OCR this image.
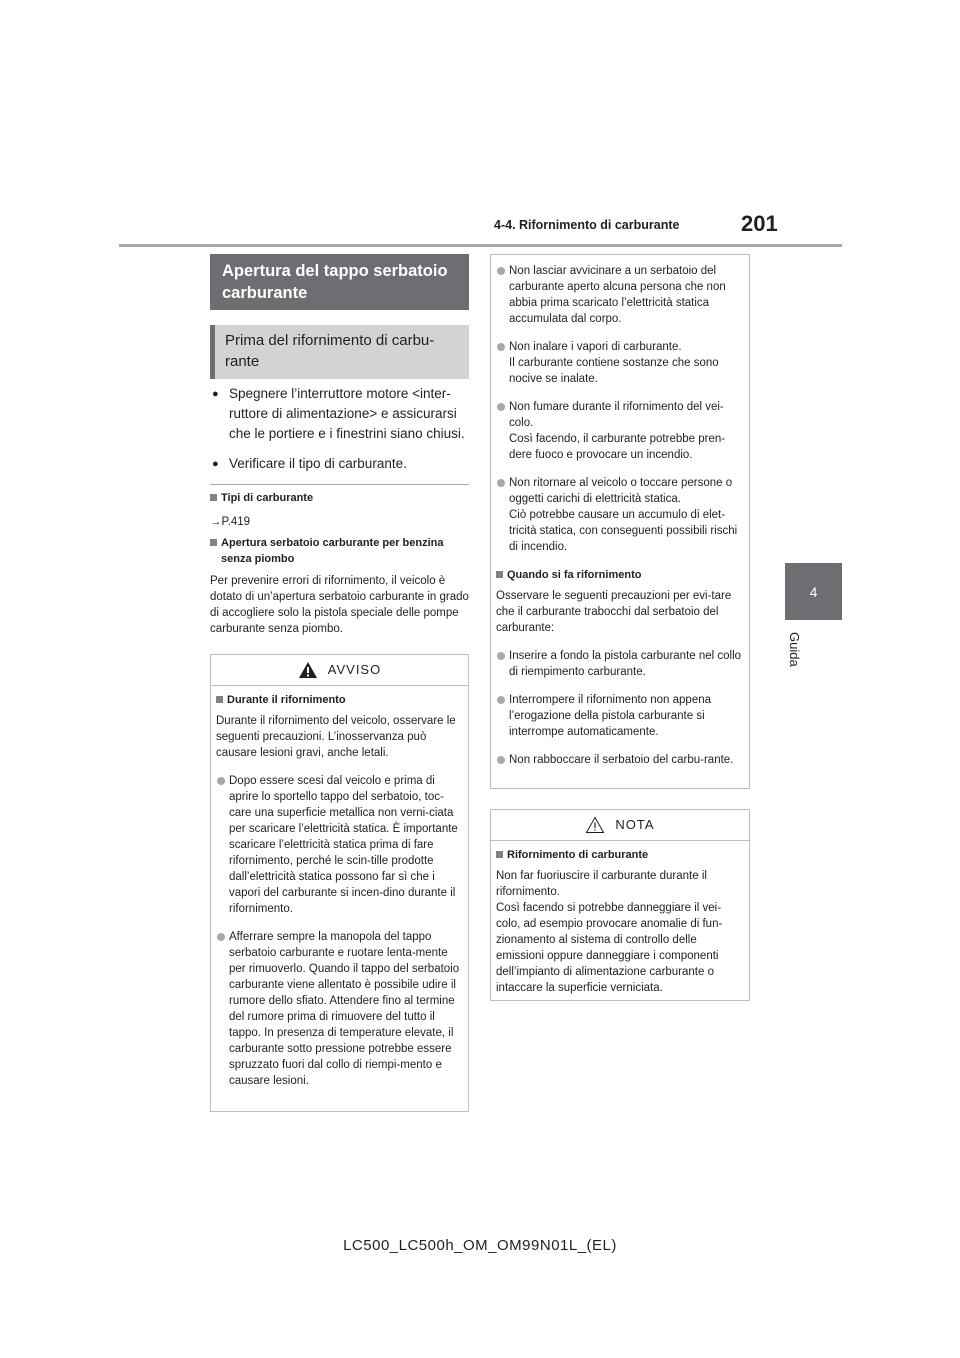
4-4. Rifornimento di carburante	201
4
Guida
Apertura del tappo serbatoio carburante
Prima del rifornimento di carbu-rante
● Spegnere l’interruttore motore <inter-ruttore di alimentazione> e assicurarsi che le portiere e i finestrini siano chiusi.
● Verificare il tipo di carburante.
Tipi di carburante
→P.419
Apertura serbatoio carburante per benzina senza piombo

Per prevenire errori di rifornimento, il veicolo è dotato di un’apertura serbatoio carburante in grado di accogliere solo la pistola speciale delle pompe carburante senza piombo.

AVVISO
Durante il rifornimento

Durante il rifornimento del veicolo, osservare le seguenti precauzioni. L’inosservanza può causare lesioni gravi, anche letali.

Dopo essere scesi dal veicolo e prima di aprire lo sportello tappo del serbatoio, toc-care una superficie metallica non verni-ciata per scaricare l’elettricità statica. È importante scaricare l’elettricità statica prima di fare rifornimento, perché le scin-tille prodotte dall’elettricità statica possono far sì che i vapori del carburante si incen-dino durante il rifornimento.
Afferrare sempre la manopola del tappo serbatoio carburante e ruotare lenta-mente per rimuoverlo. Quando il tappo del serbatoio carburante viene allentato è possibile udire il rumore dello sfiato. Attendere fino al termine del rumore prima di rimuovere del tutto il tappo. In presenza di temperature elevate, il carburante sotto pressione potrebbe essere spruzzato fuori dal collo di riempi-mento e causare lesioni.
Non lasciar avvicinare a un serbatoio del carburante aperto alcuna persona che non abbia prima scaricato l’elettricità statica accumulata dal corpo.
Non inalare i vapori di carburante.
Il carburante contiene sostanze che sono nocive se inalate.
Non fumare durante il rifornimento del vei-colo.
Così facendo, il carburante potrebbe pren-dere fuoco e provocare un incendio.
Non ritornare al veicolo o toccare persone o oggetti carichi di elettricità statica.
Ciò potrebbe causare un accumulo di elet-tricità statica, con conseguenti possibili rischi di incendio.
Quando si fa rifornimento

Osservare le seguenti precauzioni per evi-tare che il carburante trabocchi dal serbatoio del carburante:

Inserire a fondo la pistola carburante nel collo di riempimento carburante.
Interrompere il rifornimento non appena l’erogazione della pistola carburante si interrompe automaticamente.
Non rabboccare il serbatoio del carbu-rante.
NOTA
Rifornimento di carburante

Non far fuoriuscire il carburante durante il rifornimento.

Così facendo si potrebbe danneggiare il vei-colo, ad esempio provocare anomalie di fun-zionamento al sistema di controllo delle emissioni oppure danneggiare i componenti dell’impianto di alimentazione carburante o intaccare la superficie verniciata.

LC500_LC500h_OM_OM99N01L_(EL)
